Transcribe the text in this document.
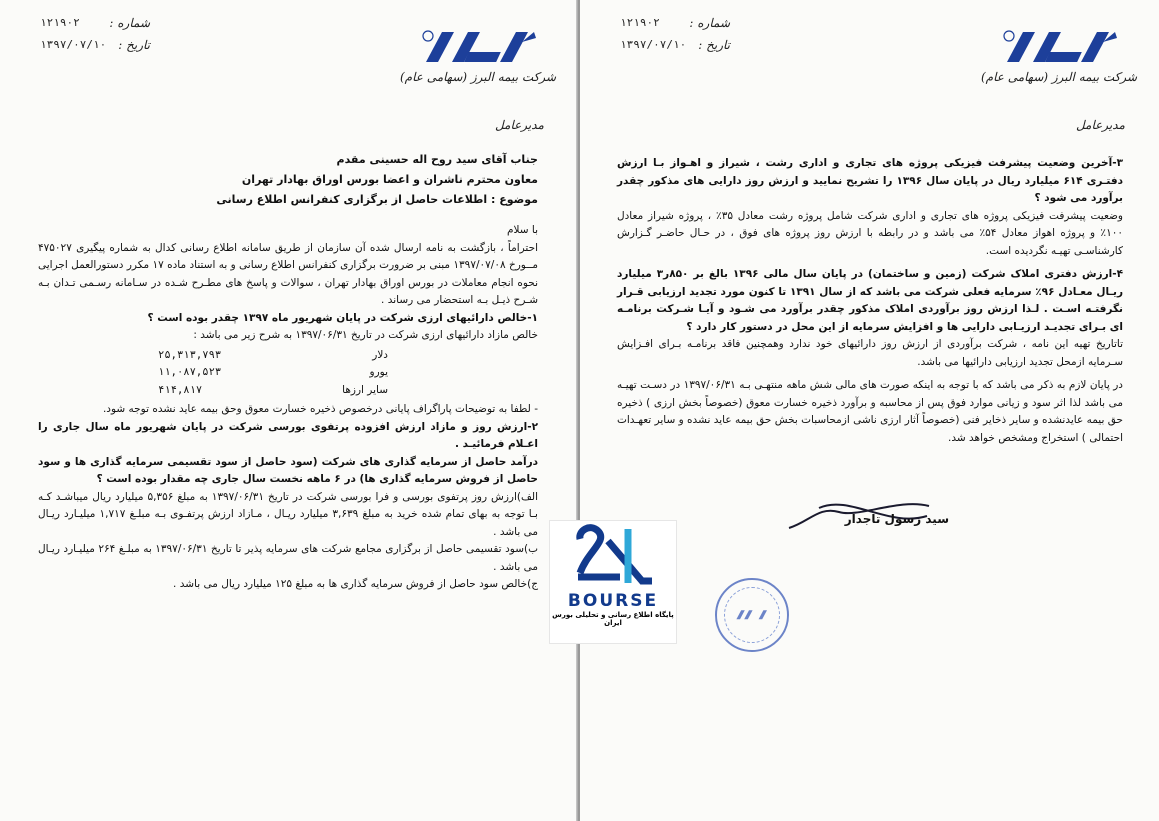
شماره :
۱۲۱۹۰۲
تاریخ :
۱۳۹۷/۰۷/۱۰
شرکت بیمه البرز (سهامی عام)
مدیرعامل
جناب آقای سید روح اله حسینی مقدم
معاون محترم ناشران و اعضا بورس اوراق بهادار تهران
موضوع : اطلاعات حاصل از برگزاری کنفرانس اطلاع رسانی
با سلام

احتراماً ، بازگشت به نامه ارسال شده آن سازمان از طریق سامانه اطلاع رسانی کدال به شماره پیگیری ۴۷۵۰۲۷ مــورخ ۱۳۹۷/۰۷/۰۸ مبنی بر ضرورت برگزاری کنفرانس اطلاع رسانی و به استناد ماده ۱۷ مکرر دستورالعمل اجرایی نحوه انجام معاملات در بورس اوراق بهادار تهران ، سوالات و پاسخ های مطـرح شـده در سـامانه رسـمی تـدان بـه شـرح ذیـل بـه استحضار می رساند .

۱-خالص دارائیهای ارزی شرکت در پایان شهریور ماه ۱۳۹۷ چقدر بوده است ؟

خالص مازاد دارائیهای ارزی شرکت در تاریخ ۱۳۹۷/۰۶/۳۱ به شرح زیر می باشد :

دلار
۲۵,۳۱۳,۷۹۳
یورو
۱۱,۰۸۷,۵۲۳
سایر ارزها
۴۱۴,۸۱۷

- لطفا به توضیحات پاراگراف پایانی درخصوص ذخیره خسارت معوق وحق بیمه عاید نشده توجه شود.

۲-ارزش روز و مازاد ارزش افزوده پرتفوی بورسی شرکت در پایان شهریور ماه سال جاری را اعـلام فرمائیـد .

درآمد حاصل از سرمایه گذاری های شرکت (سود حاصل از سود تقسیمی سرمایه گذاری ها و سود حاصل از فروش سرمایه گذاری ها) در ۶ ماهه نخست سال جاری چه مقدار بوده است ؟

الف)ارزش روز پرتفوی بورسی و فرا بورسی شرکت در تاریخ ۱۳۹۷/۰۶/۳۱ به مبلغ ۵,۳۵۶ میلیارد ریال میباشـد کـه بـا توجه به بهای تمام شده خرید به مبلغ ۳,۶۳۹ میلیارد ریـال ، مـازاد ارزش پرتفـوی بـه مبلـغ ۱,۷۱۷ میلیـارد ریـال می باشد .

ب)سود تقسیمی حاصل از برگزاری مجامع شرکت های سرمایه پذیر تا تاریخ ۱۳۹۷/۰۶/۳۱ به مبلـغ ۲۶۴ میلیـارد ریـال می باشد .

ج)خالص سود حاصل از فروش سرمایه گذاری ها به مبلغ ۱۲۵ میلیارد ریال می باشد .

شماره :
۱۲۱۹۰۲
تاریخ :
۱۳۹۷/۰۷/۱۰
شرکت بیمه البرز (سهامی عام)
مدیرعامل

۳-آخرین وضعیت پیشرفت فیزیکی پروژه های تجاری و اداری رشت ، شیراز و اهـواز بـا ارزش دفتـری ۶۱۴ میلیارد ریال در پایان سال ۱۳۹۶ را تشریح نمایید و ارزش روز دارایی های مذکور چقدر برآورد می شود ؟

وضعیت پیشرفت فیزیکی پروژه های تجاری و اداری شرکت شامل پروژه رشت معادل ۳۵٪ ، پروژه شیراز معادل ۱۰۰٪ و پروژه اهواز معادل ۵۴٪ می باشد و در رابطه با ارزش روز پروژه های فوق ، در حـال حاضـر گـزارش کارشناسـی تهیـه نگردیده است.

۴-ارزش دفتری املاک شرکت (زمین و ساختمان) در پایان سال مالی ۱۳۹۶ بالغ بر ۸۵۰ر۳ میلیارد ریـال معـادل ۹۶٪ سرمایه فعلی شرکت می باشد که از سال ۱۳۹۱ تا کنون مورد تجدید ارزیابی قـرار نگرفتـه اسـت . لـذا ارزش روز برآوردی املاک مذکور چقدر برآورد می شـود و آیـا شـرکت برنامـه ای بـرای تجدیـد ارزیـابی دارایی ها و افزایش سرمایه از این محل در دستور کار دارد ؟

تاتاریخ تهیه این نامه ، شرکت برآوردی از ارزش روز دارائیهای خود ندارد وهمچنین فاقد برنامـه بـرای افـزایش سـرمایه ازمحل تجدید ارزیابی دارائیها می باشد.

در پایان لازم به ذکر می باشد که با توجه به اینکه صورت های مالی شش ماهه منتهـی بـه ۱۳۹۷/۰۶/۳۱ در دسـت تهیـه می باشد لذا اثر سود و زیانی موارد فوق پس از محاسبه و برآورد ذخیره خسارت معوق (خصوصاً بخش ارزی ) ذخیره حق بیمه عایدنشده و سایر ذخایر فنی (خصوصاً آثار ارزی ناشی ازمحاسبات بخش حق بیمه عاید نشده و سایر تعهـدات احتمالی ) استخراج ومشخص خواهد شد.

سید رسول تاجدار
BOURSE
پایگاه اطلاع رسانی و تحلیلی بورس ایران
